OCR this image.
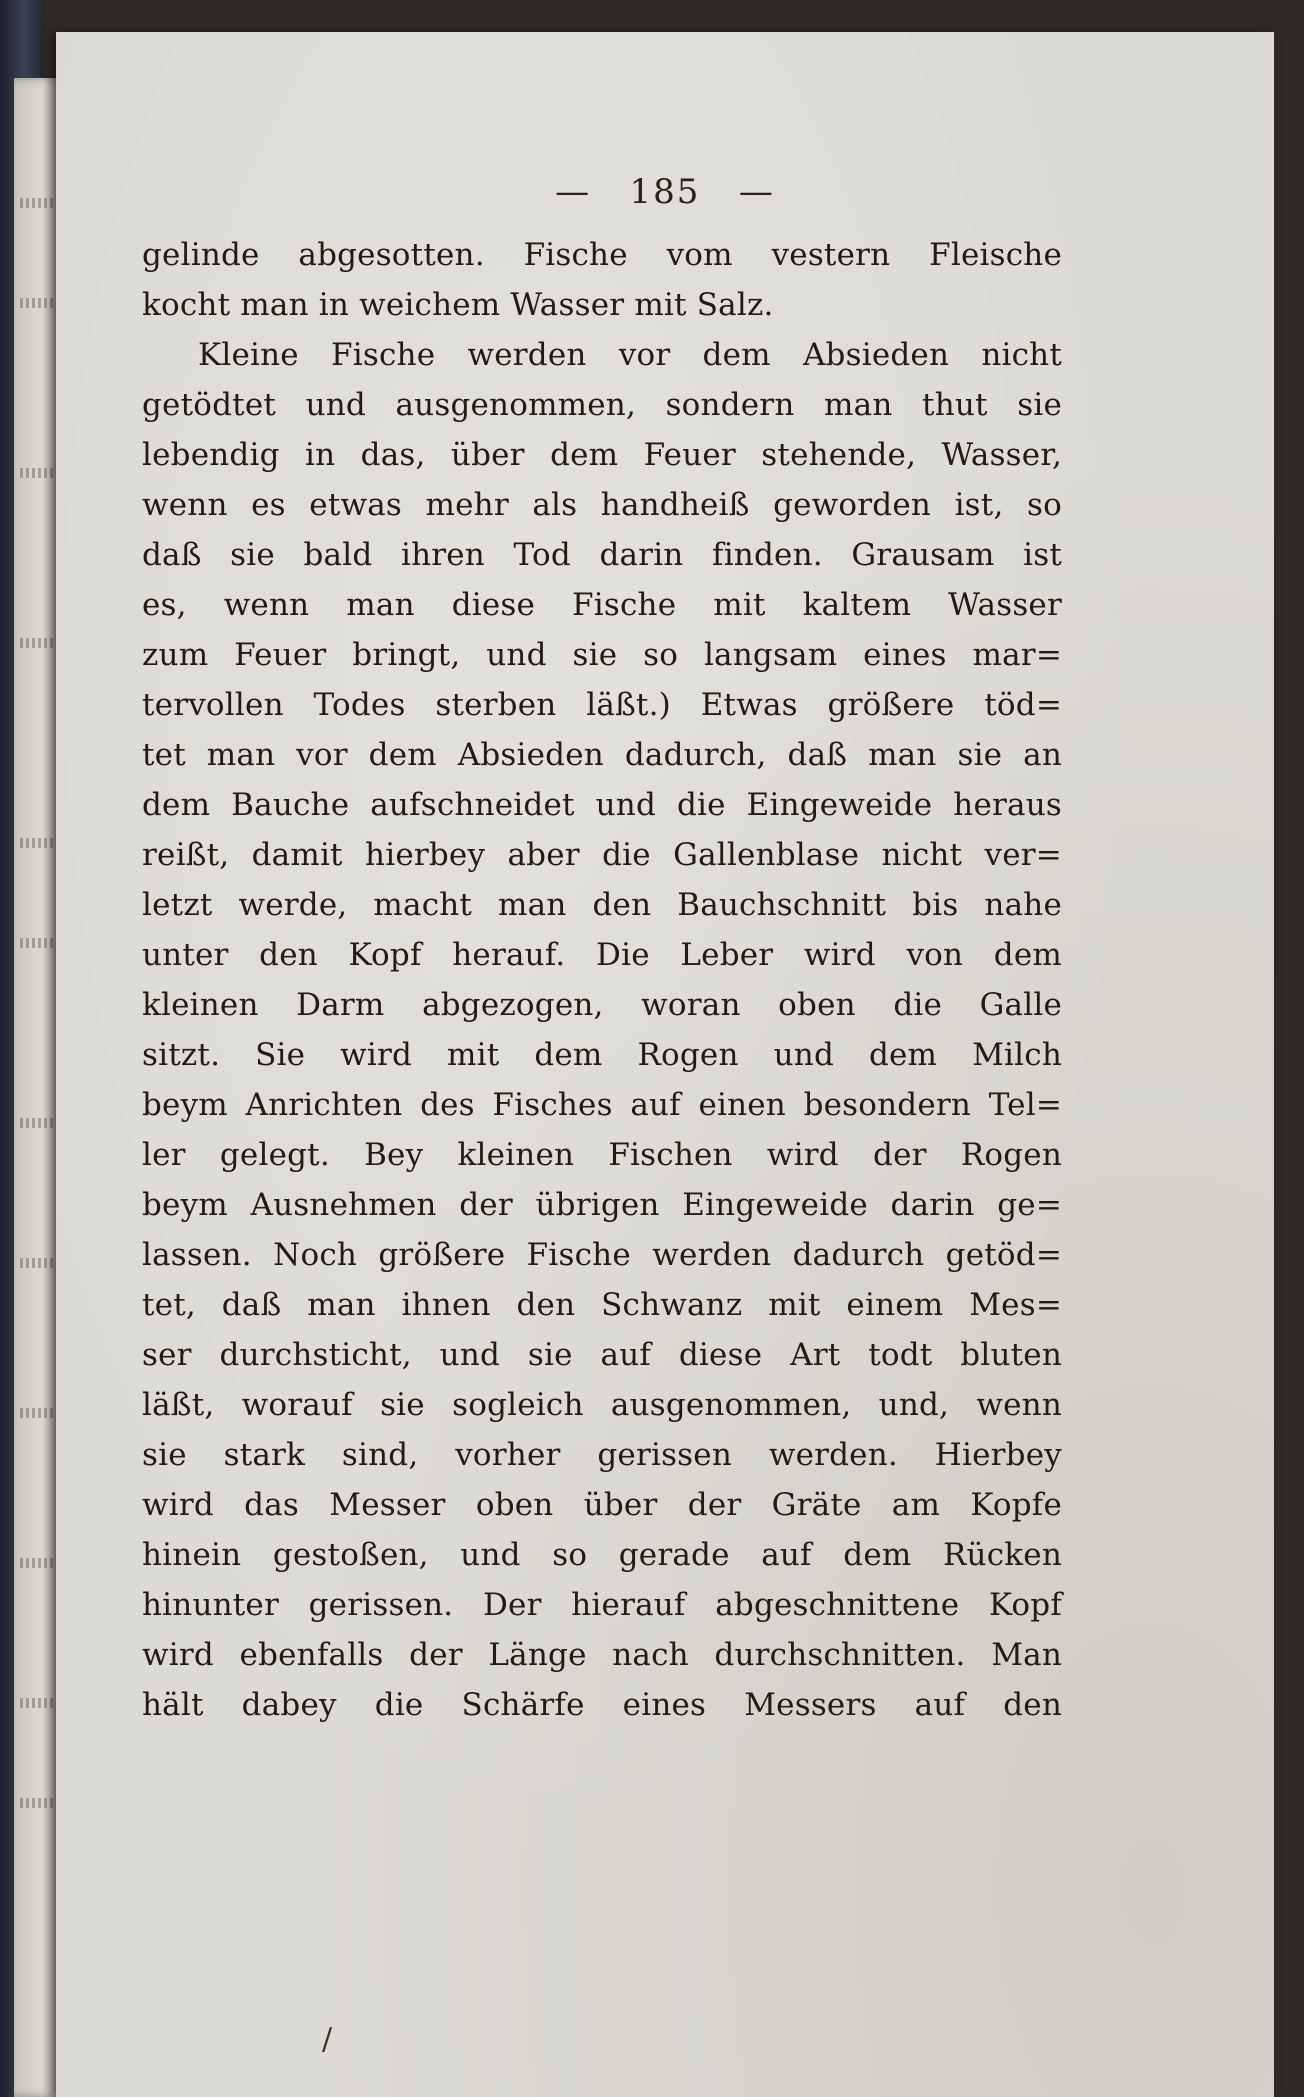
—   185   —
gelinde abgesotten. Fische vom vestern Fleische
kocht man in weichem Wasser mit Salz.
Kleine Fische werden vor dem Absieden nicht
getödtet und ausgenommen, sondern man thut sie
lebendig in das, über dem Feuer stehende, Wasser,
wenn es etwas mehr als handheiß geworden ist, so
daß sie bald ihren Tod darin finden. Grausam ist
es, wenn man diese Fische mit kaltem Wasser
zum Feuer bringt, und sie so langsam eines mar=
tervollen Todes sterben läßt.) Etwas größere töd=
tet man vor dem Absieden dadurch, daß man sie an
dem Bauche aufschneidet und die Eingeweide heraus
reißt, damit hierbey aber die Gallenblase nicht ver=
letzt werde, macht man den Bauchschnitt bis nahe
unter den Kopf herauf. Die Leber wird von dem
kleinen Darm abgezogen, woran oben die Galle
sitzt. Sie wird mit dem Rogen und dem Milch
beym Anrichten des Fisches auf einen besondern Tel=
ler gelegt. Bey kleinen Fischen wird der Rogen
beym Ausnehmen der übrigen Eingeweide darin ge=
lassen. Noch größere Fische werden dadurch getöd=
tet, daß man ihnen den Schwanz mit einem Mes=
ser durchsticht, und sie auf diese Art todt bluten
läßt, worauf sie sogleich ausgenommen, und, wenn
sie stark sind, vorher gerissen werden. Hierbey
wird das Messer oben über der Gräte am Kopfe
hinein gestoßen, und so gerade auf dem Rücken
hinunter gerissen. Der hierauf abgeschnittene Kopf
wird ebenfalls der Länge nach durchschnitten. Man
hält dabey die Schärfe eines Messers auf den
/
